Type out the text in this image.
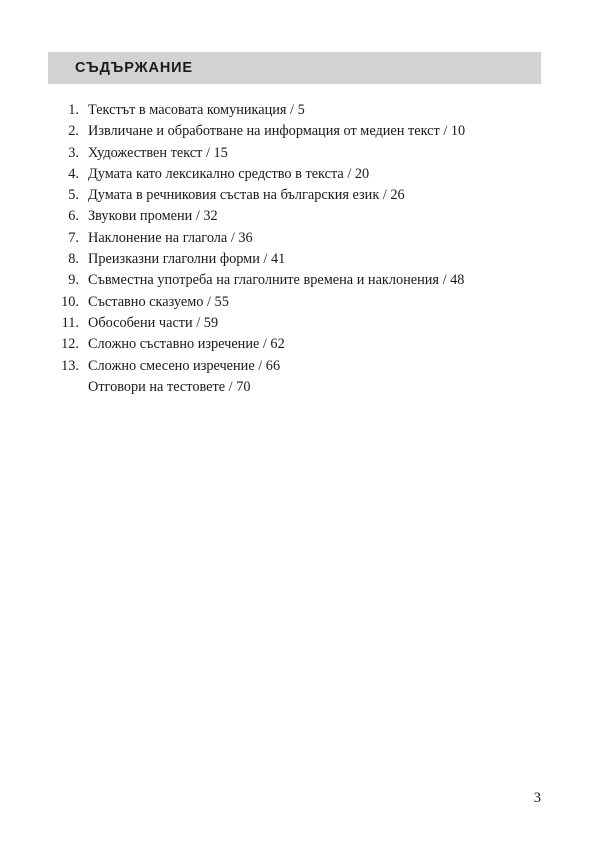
СЪДЪРЖАНИЕ
1. Текстът в масовата комуникация / 5
2. Извличане и обработване на информация от медиен текст / 10
3. Художествен текст / 15
4. Думата като лексикално средство в текста / 20
5. Думата в речниковия състав на българския език / 26
6. Звукови промени / 32
7. Наклонение на глагола / 36
8. Преизказни глаголни форми / 41
9. Съвместна употреба на глаголните времена и наклонения / 48
10. Съставно сказуемо / 55
11. Обособени части / 59
12. Сложно съставно изречение / 62
13. Сложно смесено изречение / 66
Отговори на тестовете / 70
3
